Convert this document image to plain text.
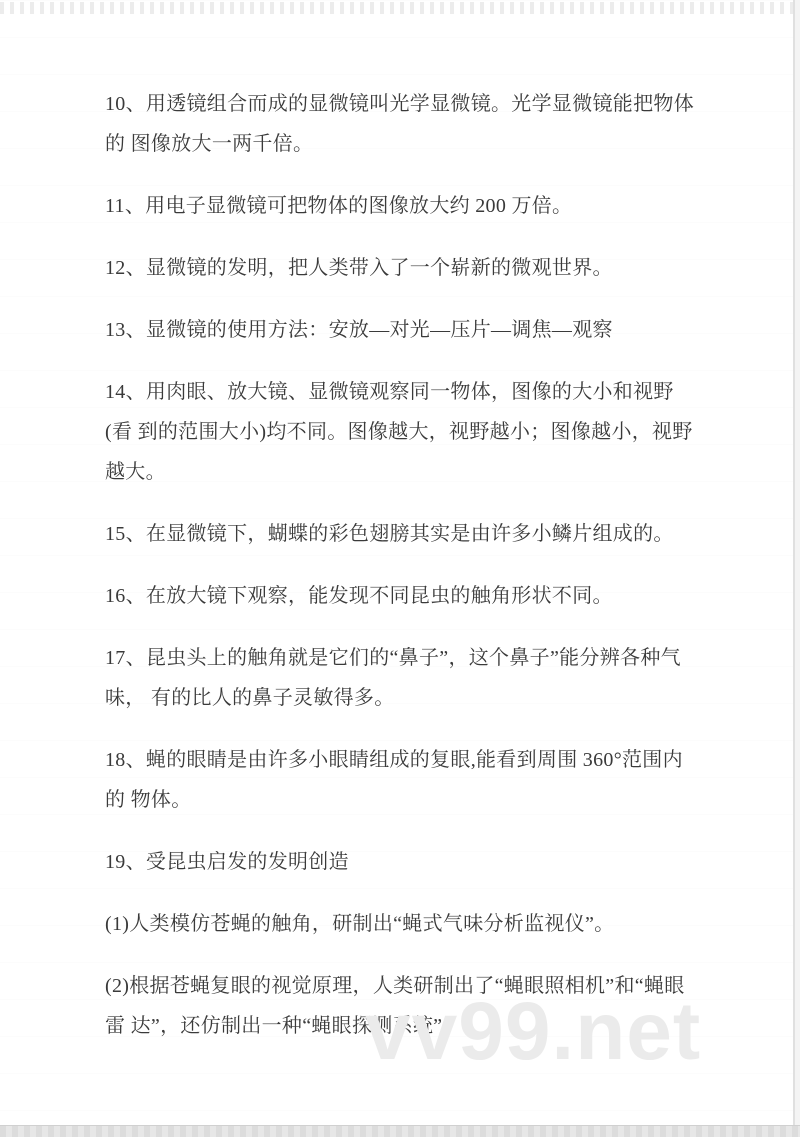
10、用透镜组合而成的显微镜叫光学显微镜。光学显微镜能把物体的 图像放大一两千倍。

11、用电子显微镜可把物体的图像放大约 200 万倍。

12、显微镜的发明，把人类带入了一个崭新的微观世界。

13、显微镜的使用方法：安放—对光—压片—调焦—观察

14、用肉眼、放大镜、显微镜观察同一物体，图像的大小和视野(看 到的范围大小)均不同。图像越大，视野越小；图像越小，视野越大。

15、在显微镜下，蝴蝶的彩色翅膀其实是由许多小鳞片组成的。

16、在放大镜下观察，能发现不同昆虫的触角形状不同。

17、昆虫头上的触角就是它们的“鼻子”，这个鼻子”能分辨各种气味， 有的比人的鼻子灵敏得多。

18、蝇的眼睛是由许多小眼睛组成的复眼,能看到周围 360°范围内的 物体。

19、受昆虫启发的发明创造

(1)人类模仿苍蝇的触角，研制出“蝇式气味分析监视仪”。

(2)根据苍蝇复眼的视觉原理，人类研制出了“蝇眼照相机”和“蝇眼雷 达”，还仿制出一种“蝇眼探测系统”。

vv99.net
